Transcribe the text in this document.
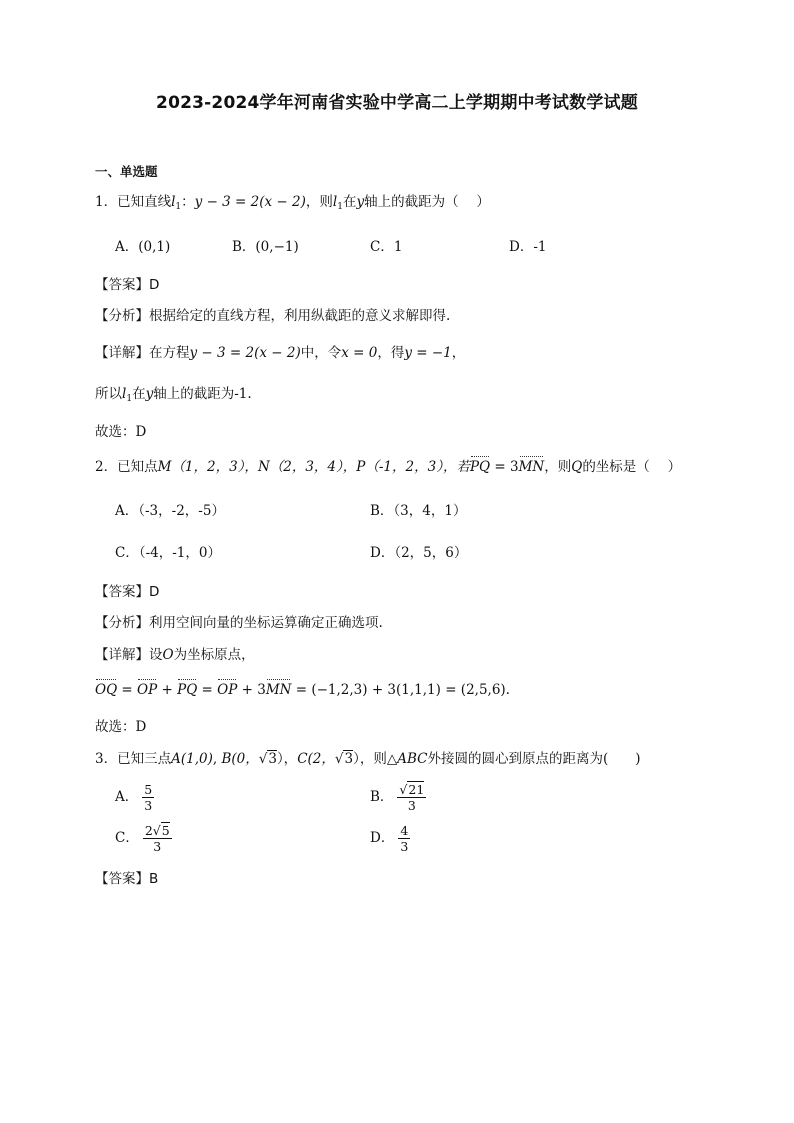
2023-2024学年河南省实验中学高二上学期期中考试数学试题
一、单选题
1．已知直线$l_1$：y − 3 = 2(x − 2)，则$l_1$在y轴上的截距为（　 ）
A．(0,1)	B．(0,−1)	C．1	D．-1
【答案】D
【分析】根据给定的直线方程，利用纵截距的意义求解即得.
【详解】在方程y − 3 = 2(x − 2)中，令x = 0，得y = −1，
所以$l_1$在y轴上的截距为-1.
故选：D
2．已知点M（1，2，3），N（2，3，4），P（-1，2，3），若PQ = 3MN，则Q的坐标是（　 ）
A．（-3，-2，-5）	B．（3，4，1）
C．（-4，-1，0）	D．（2，5，6）
【答案】D
【分析】利用空间向量的坐标运算确定正确选项.
【详解】设O为坐标原点，
OQ = OP + PQ = OP + 3MN = (−1,2,3) + 3(1,1,1) = (2,5,6).
故选：D
3．已知三点A(1,0), B(0，√3），C(2，√3），则△ABC外接圆的圆心到原点的距离为(　　)
A． $\frac{5}{3}$	B． $\frac{√21}{3}$
C． $\frac{2√5}{3}$	D． $\frac{4}{3}$
【答案】B
